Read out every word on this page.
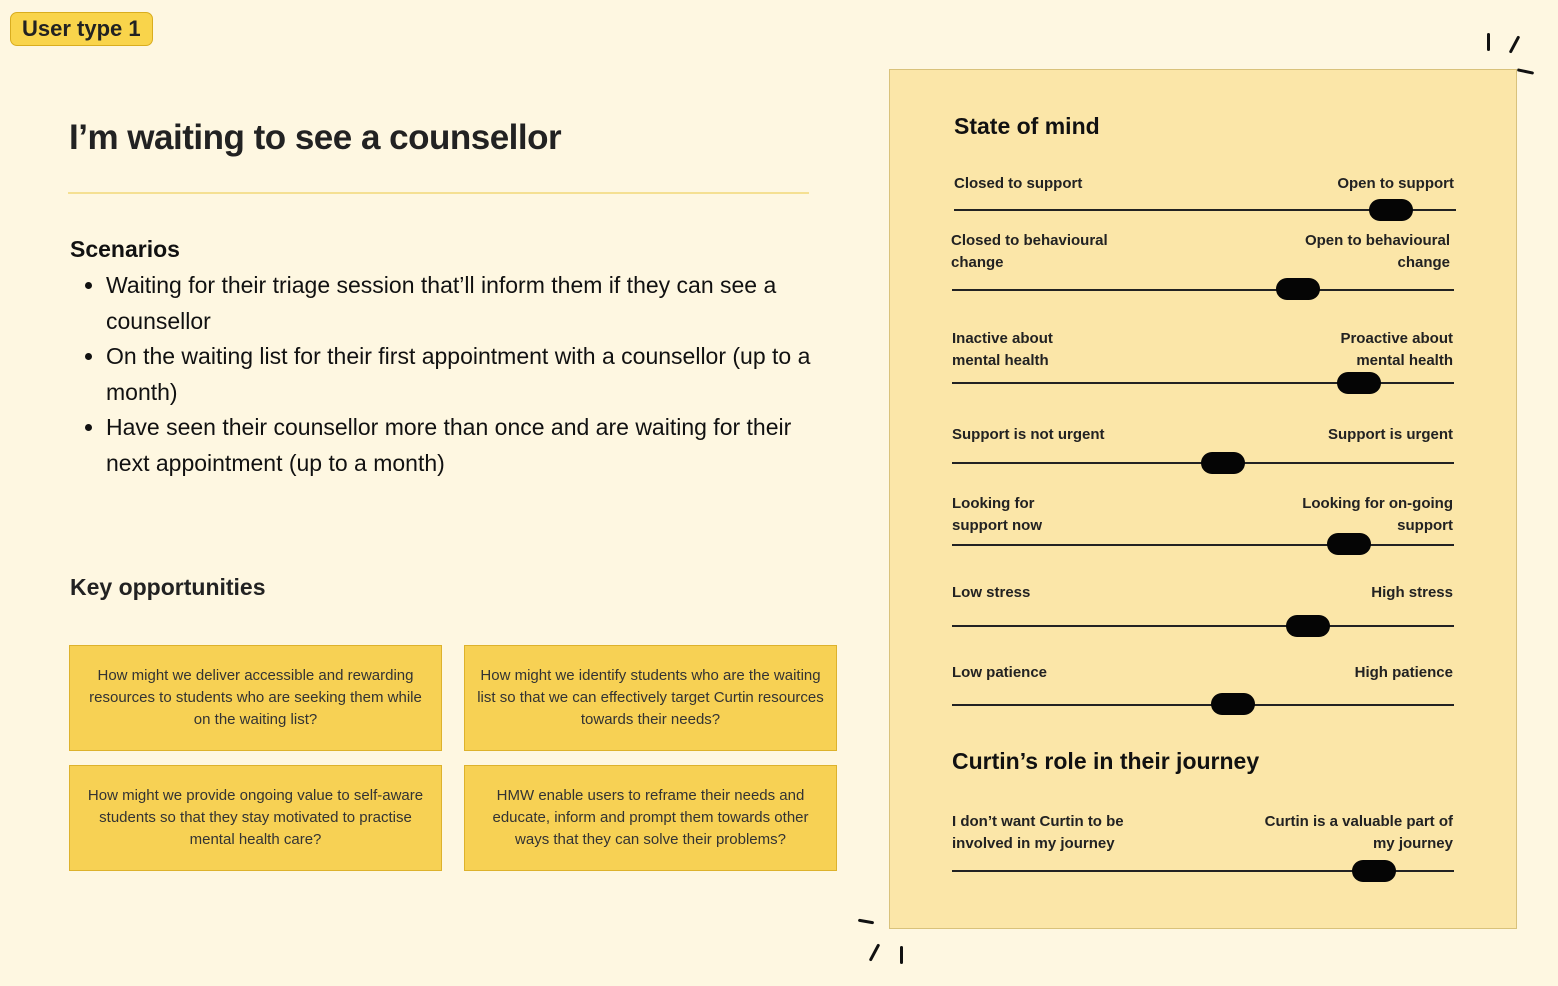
User type 1
I’m waiting to see a counsellor
Scenarios
• Waiting for their triage session that’ll inform them if they can see a counsellor
• On the waiting list for their first appointment with a counsellor (up to a month)
• Have seen their counsellor more than once and are waiting for their next appointment (up to a month)
Key opportunities
How might we deliver accessible and rewarding resources to students who are seeking them while on the waiting list?
How might we identify students who are the waiting list so that we can effectively target Curtin resources towards their needs?
How might we provide ongoing value to self-aware students so that they stay motivated to practise mental health care?
HMW enable users to reframe their needs and educate, inform and prompt them towards other ways that they can solve their problems?
State of mind
Closed to support	Open to support
Closed to behavioural change
Open to behavioural change
Inactive about mental health
Proactive about mental health
Support is not urgent	Support is urgent
Looking for support now
Looking for on-going support
Low stress	High stress
Low patience	High patience
Curtin’s role in their journey
I don’t want Curtin to be involved in my journey
Curtin is a valuable part of my journey
